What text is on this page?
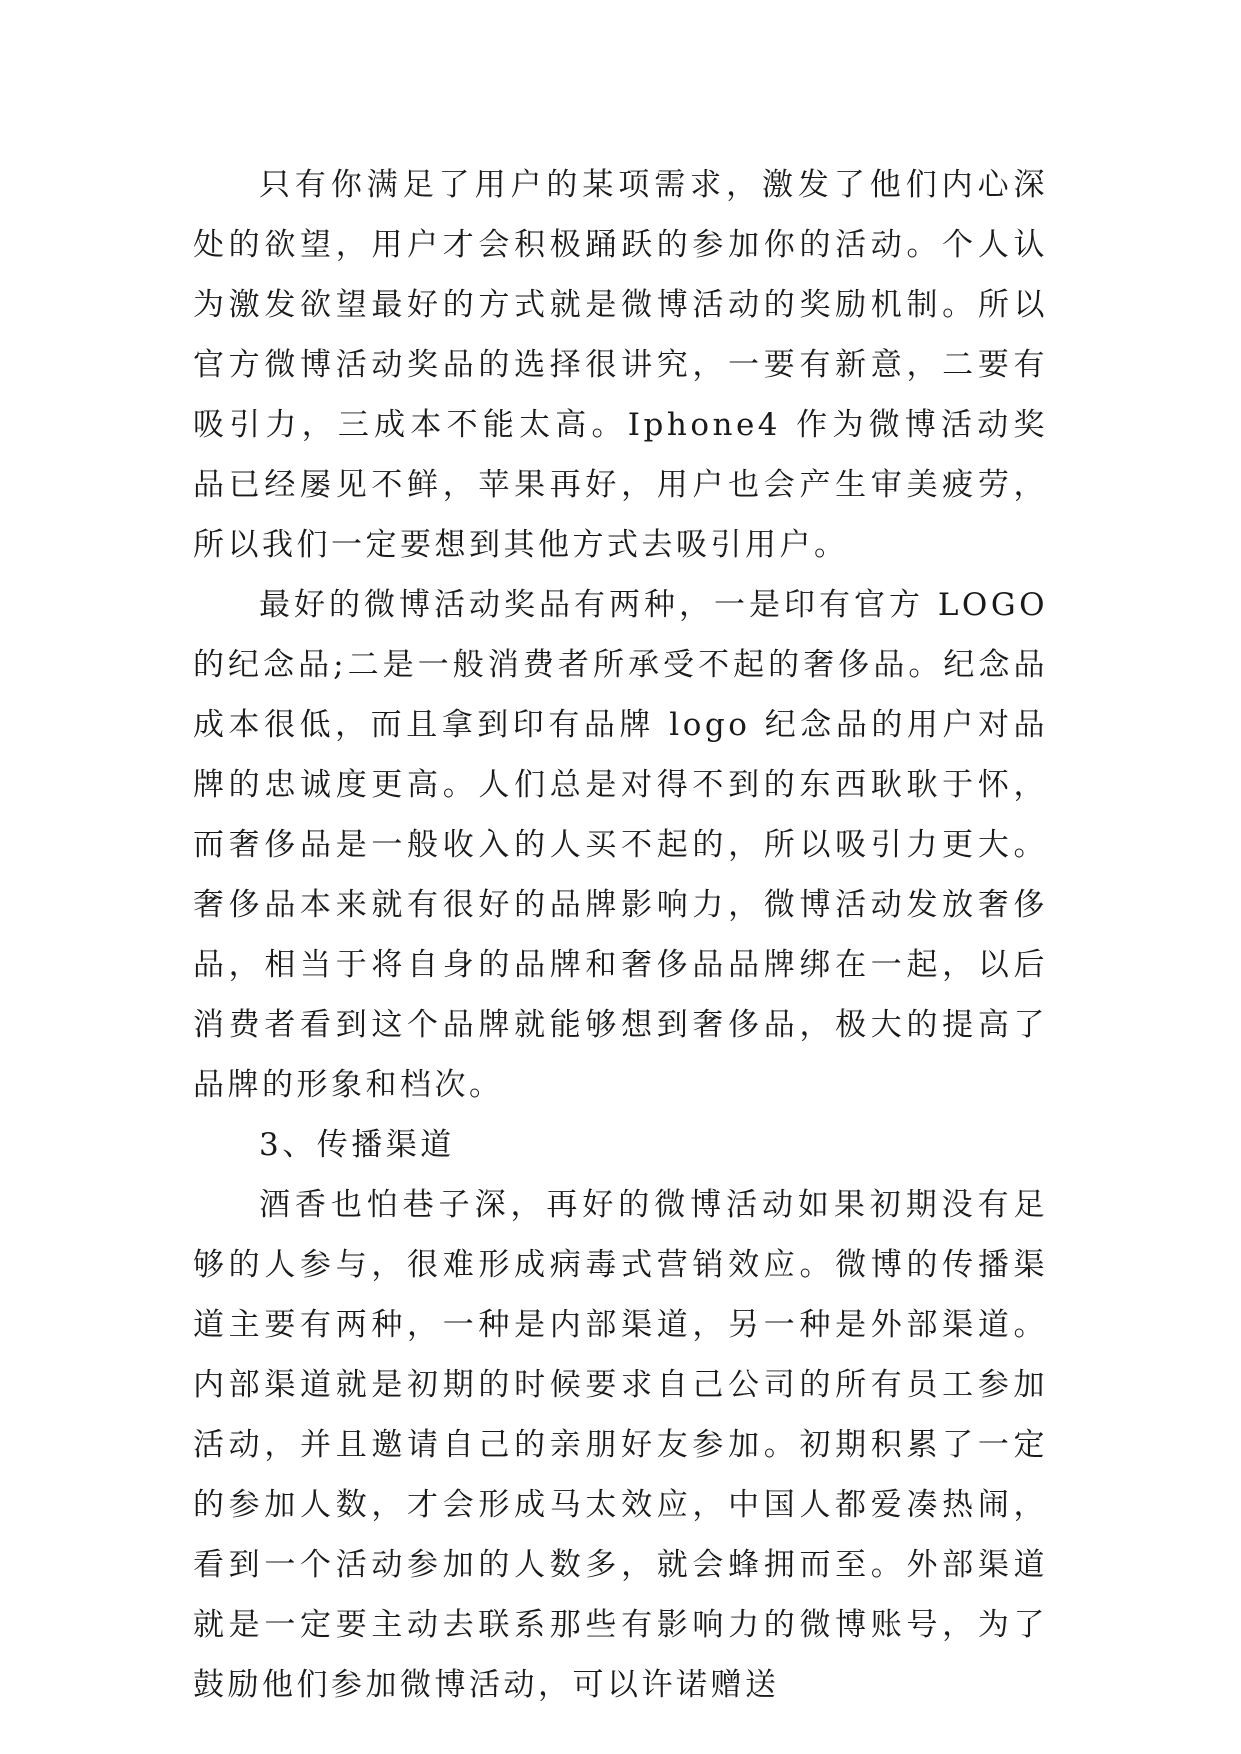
只有你满足了用户的某项需求，激发了他们内心深处的欲望，用户才会积极踊跃的参加你的活动。个人认为激发欲望最好的方式就是微博活动的奖励机制。所以官方微博活动奖品的选择很讲究，一要有新意，二要有吸引力，三成本不能太高。Iphone4 作为微博活动奖品已经屡见不鲜，苹果再好，用户也会产生审美疲劳，所以我们一定要想到其他方式去吸引用户。

最好的微博活动奖品有两种，一是印有官方 LOGO 的纪念品;二是一般消费者所承受不起的奢侈品。纪念品成本很低，而且拿到印有品牌 logo 纪念品的用户对品牌的忠诚度更高。人们总是对得不到的东西耿耿于怀，而奢侈品是一般收入的人买不起的，所以吸引力更大。奢侈品本来就有很好的品牌影响力，微博活动发放奢侈品，相当于将自身的品牌和奢侈品品牌绑在一起，以后消费者看到这个品牌就能够想到奢侈品，极大的提高了品牌的形象和档次。

3、传播渠道

酒香也怕巷子深，再好的微博活动如果初期没有足够的人参与，很难形成病毒式营销效应。微博的传播渠道主要有两种，一种是内部渠道，另一种是外部渠道。内部渠道就是初期的时候要求自己公司的所有员工参加活动，并且邀请自己的亲朋好友参加。初期积累了一定的参加人数，才会形成马太效应，中国人都爱凑热闹，看到一个活动参加的人数多，就会蜂拥而至。外部渠道就是一定要主动去联系那些有影响力的微博账号，为了鼓励他们参加微博活动，可以许诺赠送
